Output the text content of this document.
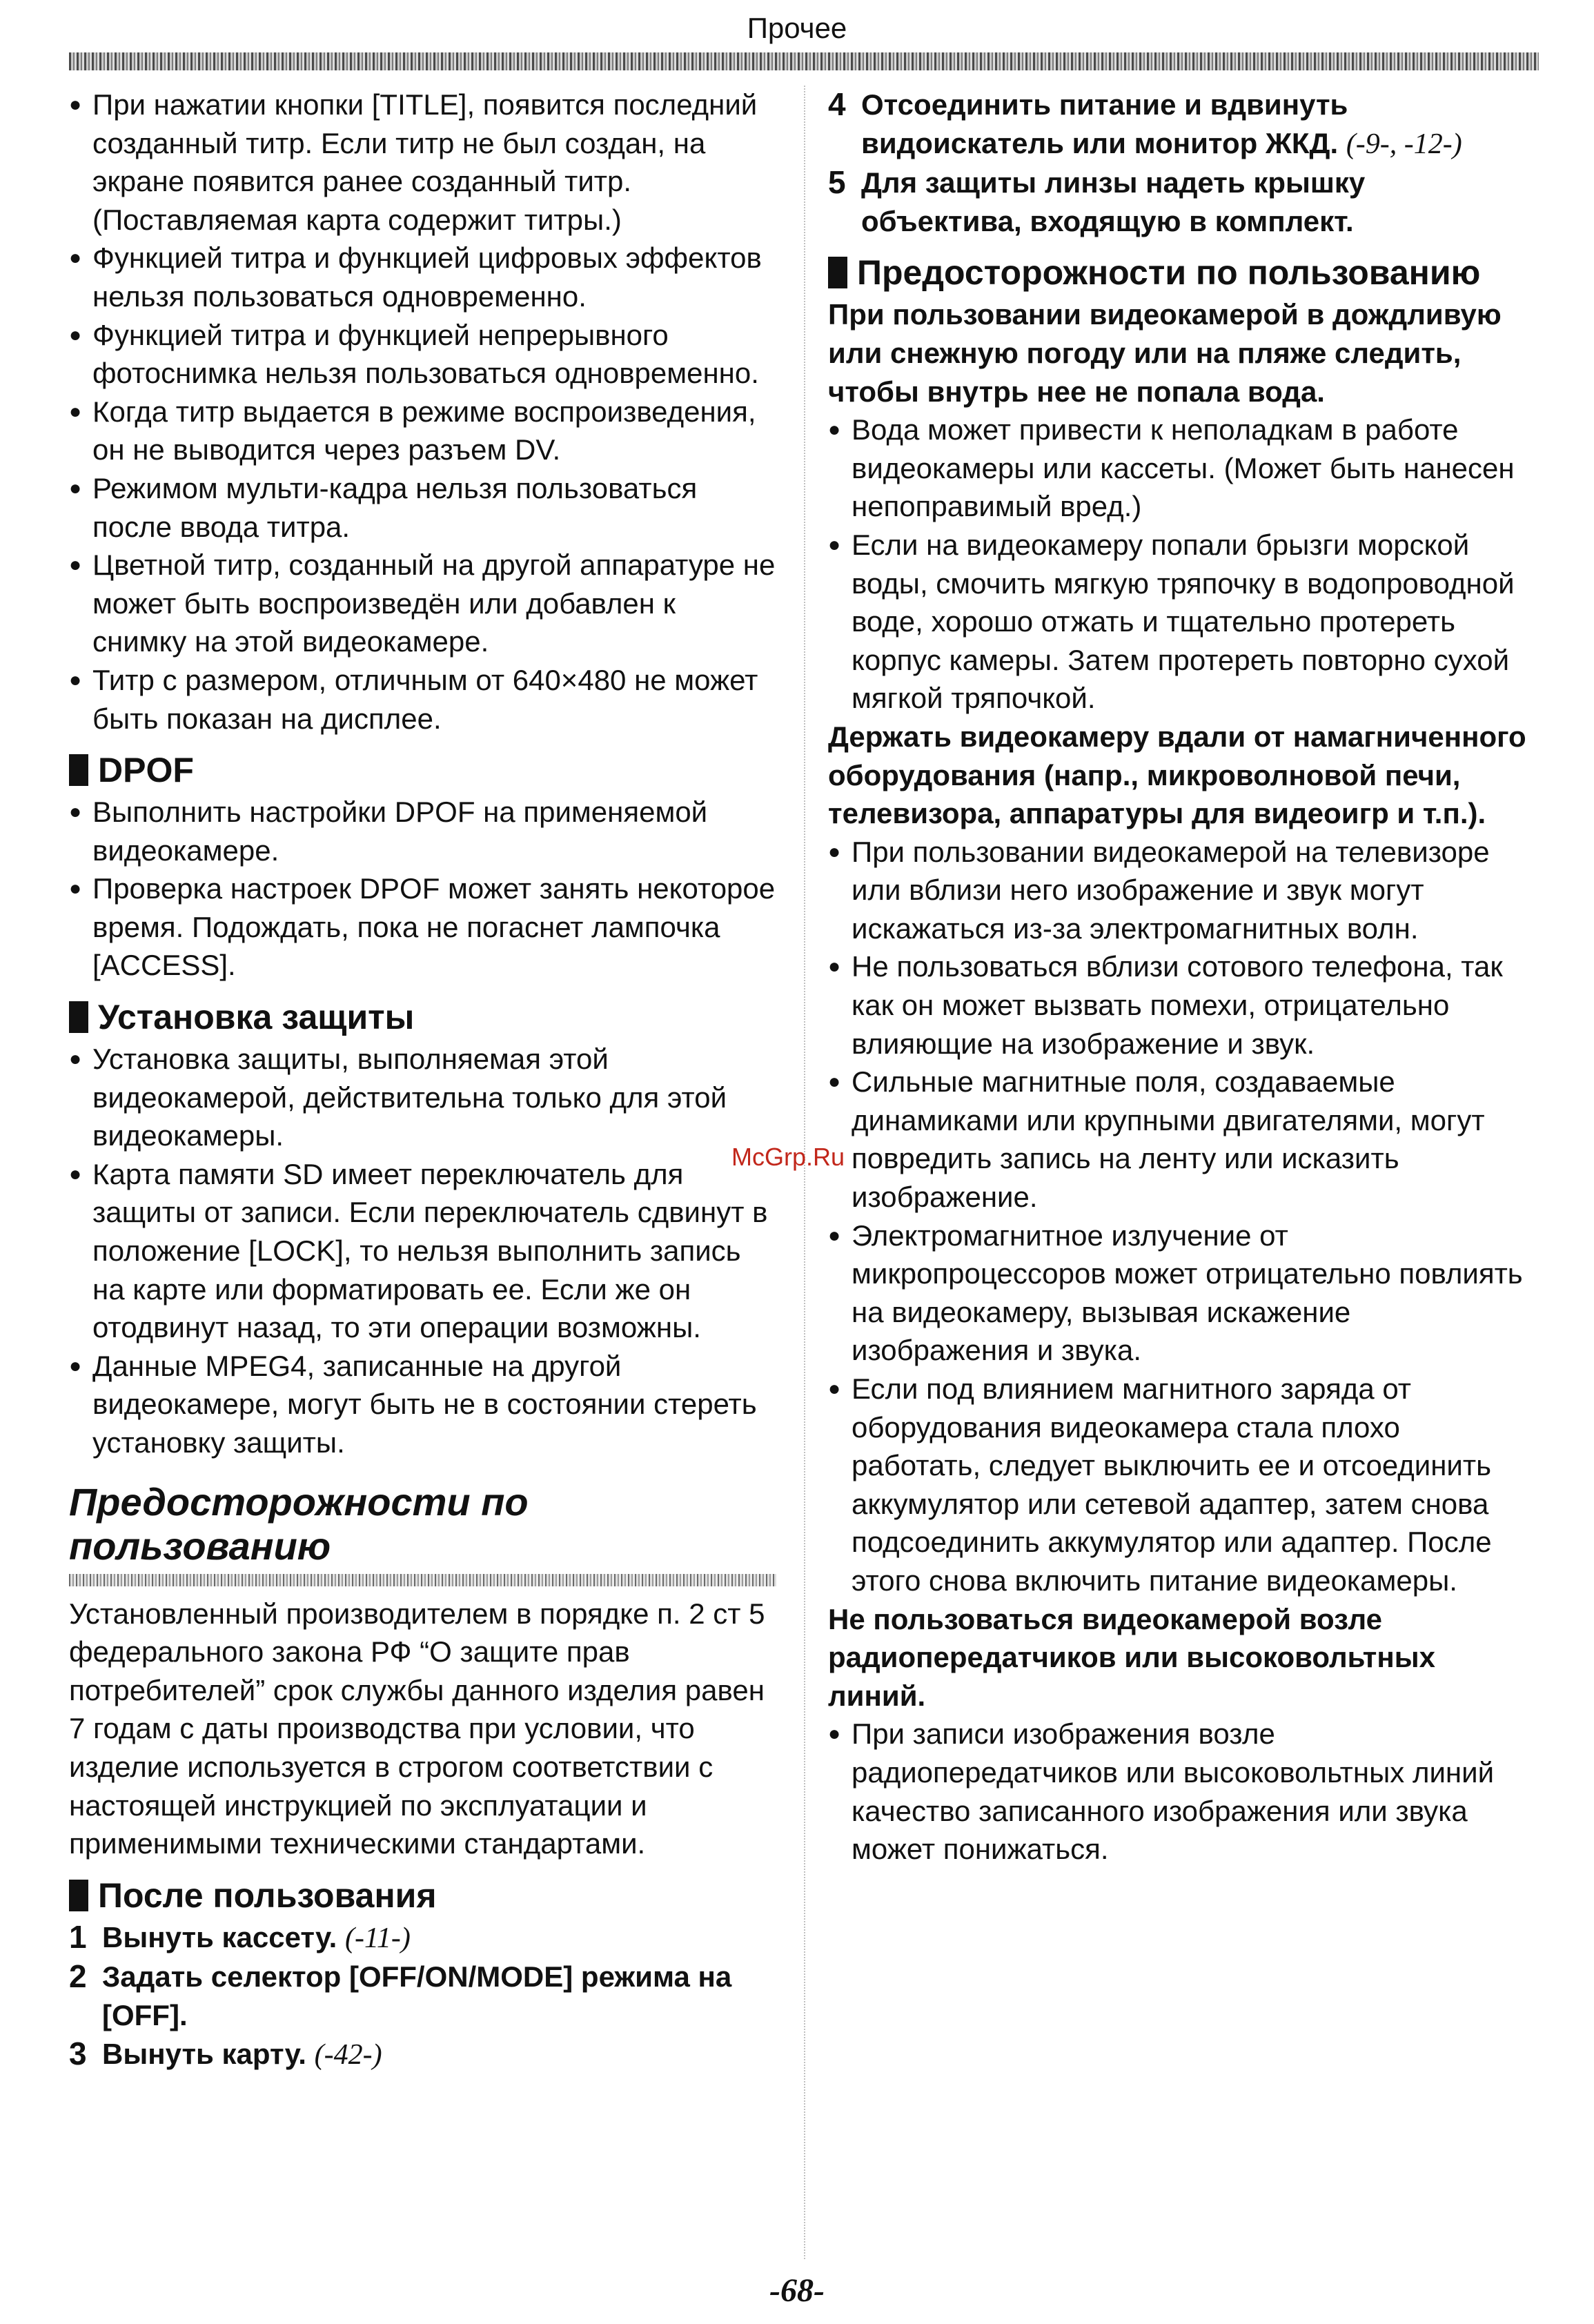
Прочее

● При нажатии кнопки [TITLE], появится последний созданный титр. Если титр не был создан, на экране появится ранее созданный титр. (Поставляемая карта содержит титры.)

● Функцией титра и функцией цифровых эффектов нельзя пользоваться одновременно.

● Функцией титра и функцией непрерывного фотоснимка нельзя пользоваться одновременно.

● Когда титр выдается в режиме воспроизведения, он не выводится через разъем DV.

● Режимом мульти-кадра нельзя пользоваться после ввода титра.

● Цветной титр, созданный на другой аппаратуре не может быть воспроизведён или добавлен к снимку на этой видеокамере.

● Титр с размером, отличным от 640×480 не может быть показан на дисплее.

DPOF

● Выполнить настройки DPOF на применяемой видеокамере.

● Проверка настроек DPOF может занять некоторое время. Подождать, пока не погаснет лампочка [ACCESS].

Установка защиты

● Установка защиты, выполняемая этой видеокамерой, действительна только для этой видеокамеры.

● Карта памяти SD имеет переключатель для защиты от записи. Если переключатель сдвинут в положение [LOCK], то нельзя выполнить запись на карте или форматировать ее. Если же он отодвинут назад, то эти операции возможны.

● Данные MPEG4, записанные на другой видеокамере, могут быть не в состоянии стереть установку защиты.

Предосторожности по пользованию

Установленный производителем в порядке п. 2 ст 5 федерального закона РФ “О защите прав потребителей” срок службы данного изделия равен 7 годам с даты производства при условии, что изделие используется в строгом соответствии с настоящей инструкцией по эксплуатации и применимыми техническими стандартами.

После пользования

1 Вынуть кассету. (-11-)

2 Задать селектор [OFF/ON/MODE] режима на [OFF].

3 Вынуть карту. (-42-)

4 Отсоединить питание и вдвинуть видоискатель или монитор ЖКД. (-9-, -12-)

5 Для защиты линзы надеть крышку объектива, входящую в комплект.

Предосторожности по пользованию

При пользовании видеокамерой в дождливую или снежную погоду или на пляже следить, чтобы внутрь нее не попала вода.

● Вода может привести к неполадкам в работе видеокамеры или кассеты. (Может быть нанесен непоправимый вред.)

● Если на видеокамеру попали брызги морской воды, смочить мягкую тряпочку в водопроводной воде, хорошо отжать и тщательно протереть корпус камеры. Затем протереть повторно сухой мягкой тряпочкой.

Держать видеокамеру вдали от намагниченного оборудования (напр., микроволновой печи, телевизора, аппаратуры для видеоигр и т.п.).

● При пользовании видеокамерой на телевизоре или вблизи него изображение и звук могут искажаться из-за электромагнитных волн.

● Не пользоваться вблизи сотового телефона, так как он может вызвать помехи, отрицательно влияющие на изображение и звук.

● Сильные магнитные поля, создаваемые динамиками или крупными двигателями, могут повредить запись на ленту или исказить изображение.

● Электромагнитное излучение от микропроцессоров может отрицательно повлиять на видеокамеру, вызывая искажение изображения и звука.

● Если под влиянием магнитного заряда от оборудования видеокамера стала плохо работать, следует выключить ее и отсоединить аккумулятор или сетевой адаптер, затем снова подсоединить аккумулятор или адаптер. После этого снова включить питание видеокамеры.

Не пользоваться видеокамерой возле радиопередатчиков или высоковольтных линий.

● При записи изображения возле радиопередатчиков или высоковольтных линий качество записанного изображения или звука может понижаться.

McGrp.Ru
-68-
